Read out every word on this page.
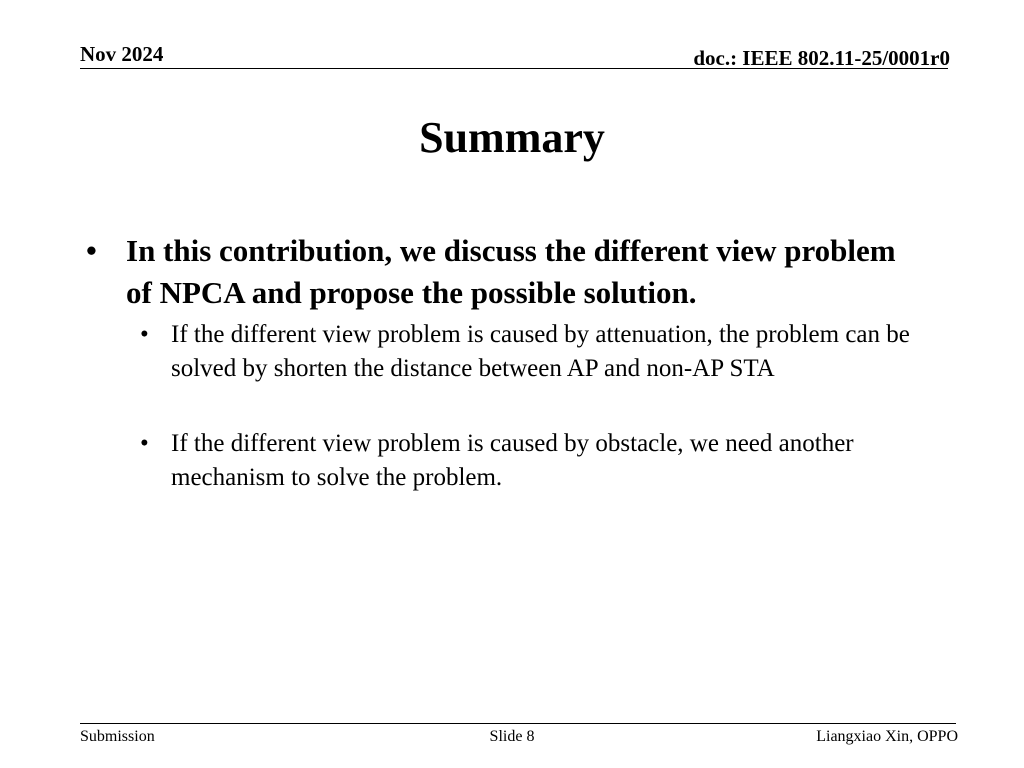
Nov 2024	doc.: IEEE 802.11-25/0001r0
Summary
• In this contribution, we discuss the different view problem of NPCA and propose the possible solution.
• If the different view problem is caused by attenuation, the problem can be solved by shorten the distance between AP and non-AP STA
• If the different view problem is caused by obstacle, we need another mechanism to solve the problem.
Submission	Slide 8	Liangxiao Xin, OPPO
